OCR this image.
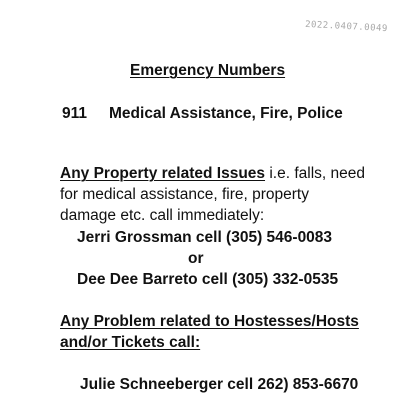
2022.0407.0049
Emergency Numbers
911 Medical Assistance, Fire, Police
Any Property related Issues i.e. falls, need
for medical assistance, fire, property
damage etc. call immediately:
Jerri Grossman cell (305) 546-0083
or
Dee Dee Barreto cell (305) 332-0535
Any Problem related to Hostesses/Hosts
and/or Tickets call:
Julie Schneeberger cell 262) 853-6670
